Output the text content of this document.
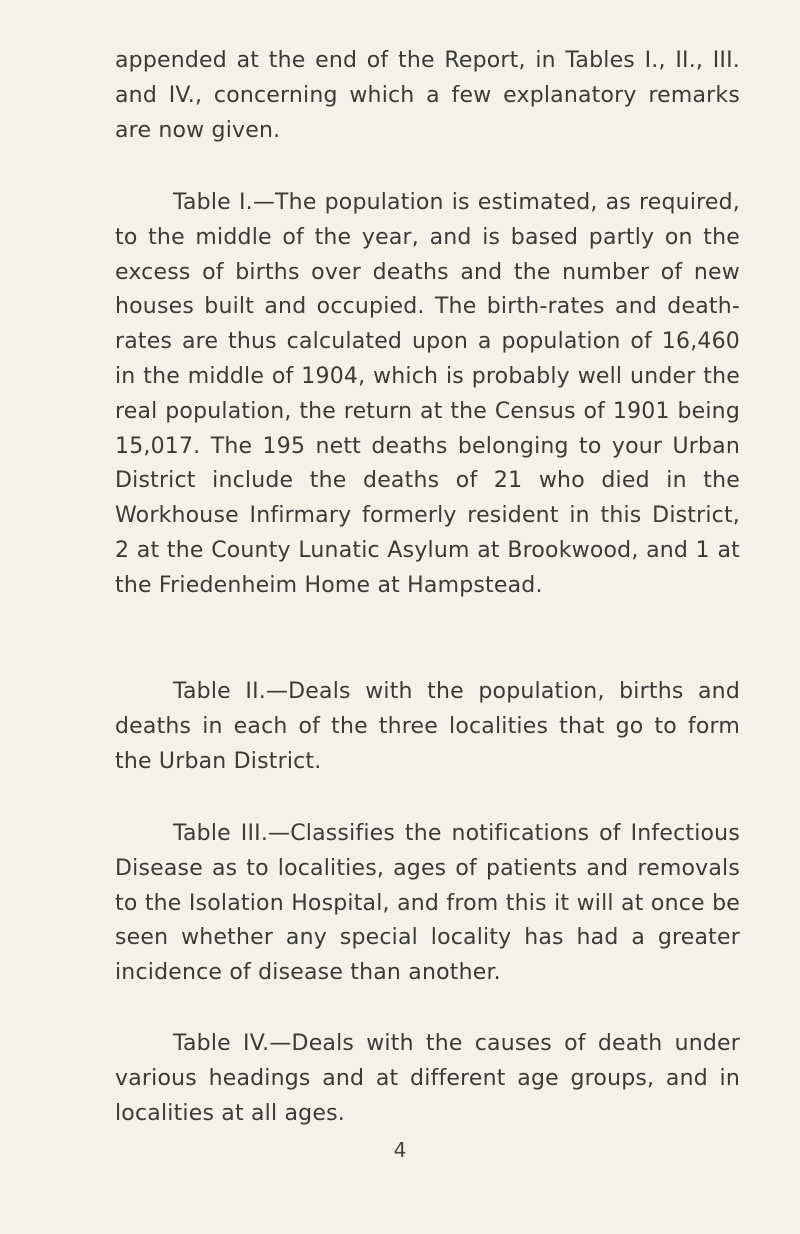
appended at the end of the Report, in Tables I., II., III. and IV., concerning which a few explanatory remarks are now given.

Table I.—The population is estimated, as required, to the middle of the year, and is based partly on the excess of births over deaths and the number of new houses built and occupied. The birth-rates and death-rates are thus calculated upon a population of 16,460 in the middle of 1904, which is probably well under the real population, the return at the Census of 1901 being 15,017. The 195 nett deaths belonging to your Urban District include the deaths of 21 who died in the Workhouse Infirmary formerly resident in this District, 2 at the County Lunatic Asylum at Brookwood, and 1 at the Friedenheim Home at Hampstead.

Table II.—Deals with the population, births and deaths in each of the three localities that go to form the Urban District.

Table III.—Classifies the notifications of Infectious Disease as to localities, ages of patients and removals to the Isolation Hospital, and from this it will at once be seen whether any special locality has had a greater incidence of disease than another.

Table IV.—Deals with the causes of death under various headings and at different age groups, and in localities at all ages.

4
